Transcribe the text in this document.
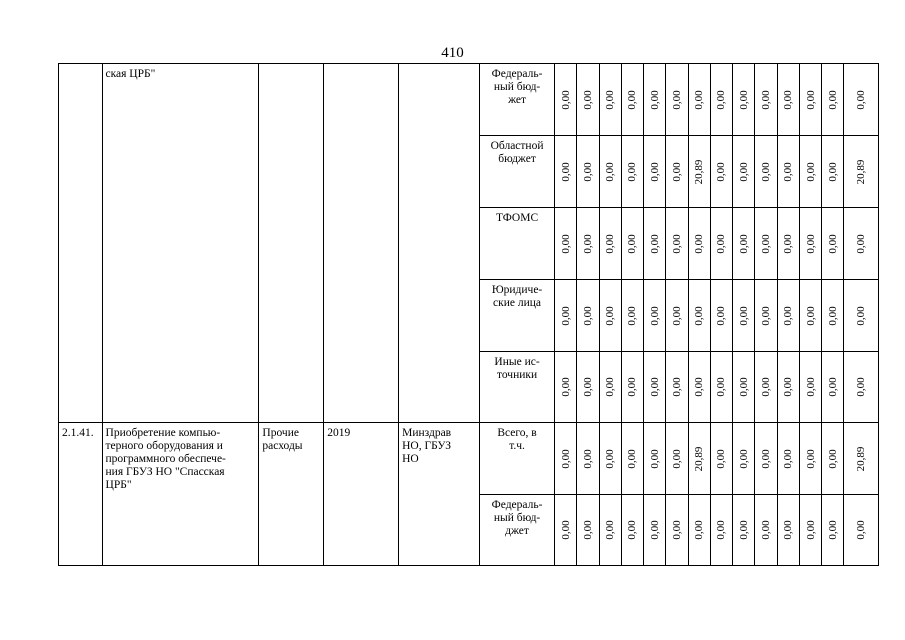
410

	ская ЦРБ"				Федераль-
ный бюд-
жет	0,00	0,00	0,00	0,00	0,00	0,00	0,00	0,00	0,00	0,00	0,00	0,00	0,00	0,00

					Областной
бюджет	0,00	0,00	0,00	0,00	0,00	0,00	20,89	0,00	0,00	0,00	0,00	0,00	0,00	20,89

					ТФОМС	0,00	0,00	0,00	0,00	0,00	0,00	0,00	0,00	0,00	0,00	0,00	0,00	0,00	0,00

					Юридиче-
ские лица	0,00	0,00	0,00	0,00	0,00	0,00	0,00	0,00	0,00	0,00	0,00	0,00	0,00	0,00

					Иные ис-
точники	0,00	0,00	0,00	0,00	0,00	0,00	0,00	0,00	0,00	0,00	0,00	0,00	0,00	0,00

2.1.41.	Приобретение компью-
терного оборудования и
программного обеспече-
ния ГБУЗ НО "Спасская
ЦРБ"	Прочие
расходы	2019	Минздрав
НО, ГБУЗ
НО	Всего, в
т.ч.	0,00	0,00	0,00	0,00	0,00	0,00	20,89	0,00	0,00	0,00	0,00	0,00	0,00	20,89

					Федераль-
ный бюд-
джет	0,00	0,00	0,00	0,00	0,00	0,00	0,00	0,00	0,00	0,00	0,00	0,00	0,00	0,00
